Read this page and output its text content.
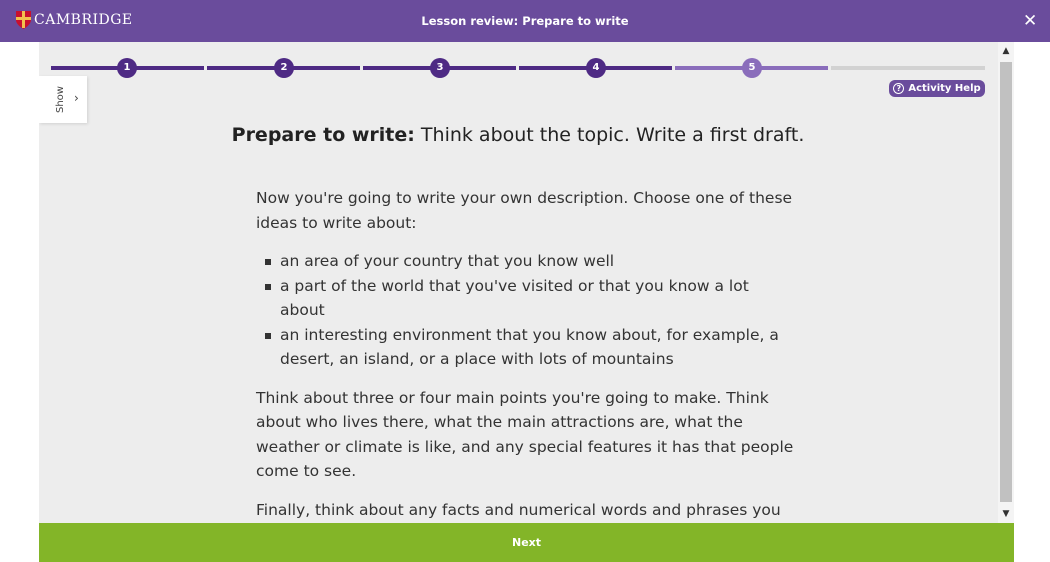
CAMBRIDGE	Lesson review: Prepare to write	✕
1	2	3	4	5
Show ›
? Activity Help
Prepare to write: Think about the topic. Write a first draft.

Now you're going to write your own description. Choose one of these ideas to write about:

an area of your country that you know well
a part of the world that you've visited or that you know a lot about
an interesting environment that you know about, for example, a desert, an island, or a place with lots of mountains

Think about three or four main points you're going to make. Think about who lives there, what the main attractions are, what the weather or climate is like, and any special features it has that people come to see.

Finally, think about any facts and numerical words and phrases you

▲
▼
Next
